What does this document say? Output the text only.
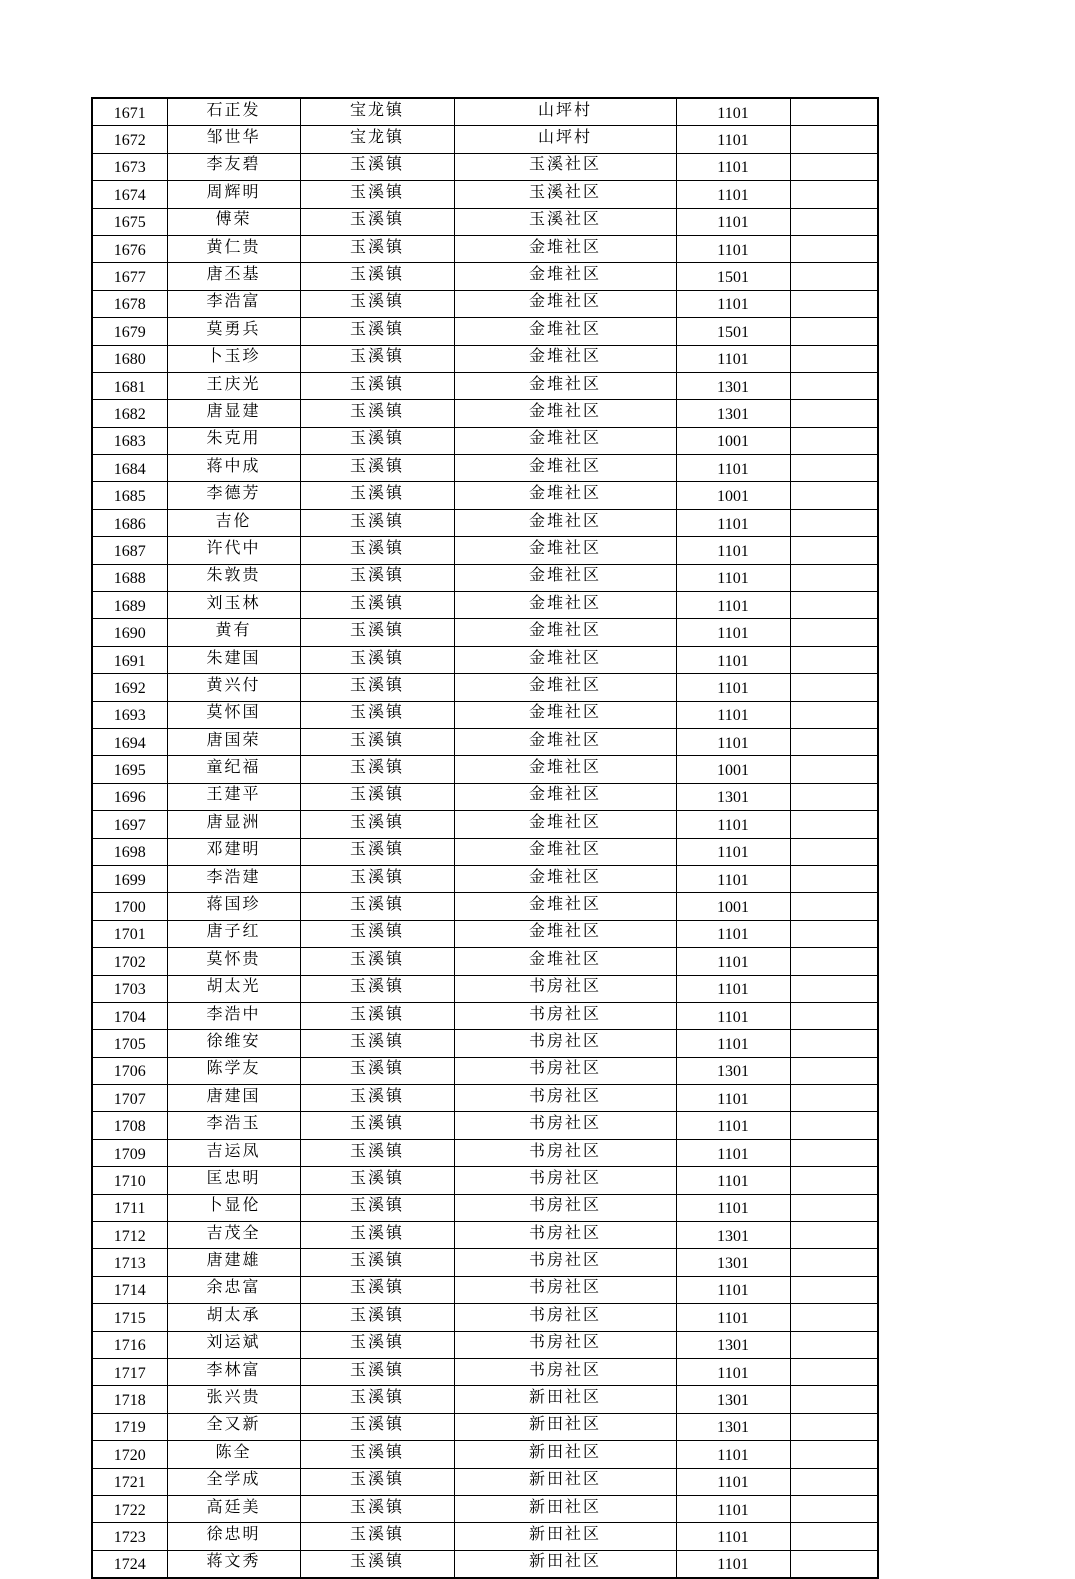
1671	石正发	宝龙镇	山坪村	1101	
1672	邹世华	宝龙镇	山坪村	1101	
1673	李友碧	玉溪镇	玉溪社区	1101	
1674	周辉明	玉溪镇	玉溪社区	1101	
1675	傅荣	玉溪镇	玉溪社区	1101	
1676	黄仁贵	玉溪镇	金堆社区	1101	
1677	唐丕基	玉溪镇	金堆社区	1501	
1678	李浩富	玉溪镇	金堆社区	1101	
1679	莫勇兵	玉溪镇	金堆社区	1501	
1680	卜玉珍	玉溪镇	金堆社区	1101	
1681	王庆光	玉溪镇	金堆社区	1301	
1682	唐显建	玉溪镇	金堆社区	1301	
1683	朱克用	玉溪镇	金堆社区	1001	
1684	蒋中成	玉溪镇	金堆社区	1101	
1685	李德芳	玉溪镇	金堆社区	1001	
1686	吉伦	玉溪镇	金堆社区	1101	
1687	许代中	玉溪镇	金堆社区	1101	
1688	朱敦贵	玉溪镇	金堆社区	1101	
1689	刘玉林	玉溪镇	金堆社区	1101	
1690	黄有	玉溪镇	金堆社区	1101	
1691	朱建国	玉溪镇	金堆社区	1101	
1692	黄兴付	玉溪镇	金堆社区	1101	
1693	莫怀国	玉溪镇	金堆社区	1101	
1694	唐国荣	玉溪镇	金堆社区	1101	
1695	童纪福	玉溪镇	金堆社区	1001	
1696	王建平	玉溪镇	金堆社区	1301	
1697	唐显洲	玉溪镇	金堆社区	1101	
1698	邓建明	玉溪镇	金堆社区	1101	
1699	李浩建	玉溪镇	金堆社区	1101	
1700	蒋国珍	玉溪镇	金堆社区	1001	
1701	唐子红	玉溪镇	金堆社区	1101	
1702	莫怀贵	玉溪镇	金堆社区	1101	
1703	胡太光	玉溪镇	书房社区	1101	
1704	李浩中	玉溪镇	书房社区	1101	
1705	徐维安	玉溪镇	书房社区	1101	
1706	陈学友	玉溪镇	书房社区	1301	
1707	唐建国	玉溪镇	书房社区	1101	
1708	李浩玉	玉溪镇	书房社区	1101	
1709	吉运凤	玉溪镇	书房社区	1101	
1710	匡忠明	玉溪镇	书房社区	1101	
1711	卜显伦	玉溪镇	书房社区	1101	
1712	吉茂全	玉溪镇	书房社区	1301	
1713	唐建雄	玉溪镇	书房社区	1301	
1714	余忠富	玉溪镇	书房社区	1101	
1715	胡太承	玉溪镇	书房社区	1101	
1716	刘运斌	玉溪镇	书房社区	1301	
1717	李林富	玉溪镇	书房社区	1101	
1718	张兴贵	玉溪镇	新田社区	1301	
1719	全又新	玉溪镇	新田社区	1301	
1720	陈全	玉溪镇	新田社区	1101	
1721	全学成	玉溪镇	新田社区	1101	
1722	高廷美	玉溪镇	新田社区	1101	
1723	徐忠明	玉溪镇	新田社区	1101	
1724	蒋文秀	玉溪镇	新田社区	1101	
